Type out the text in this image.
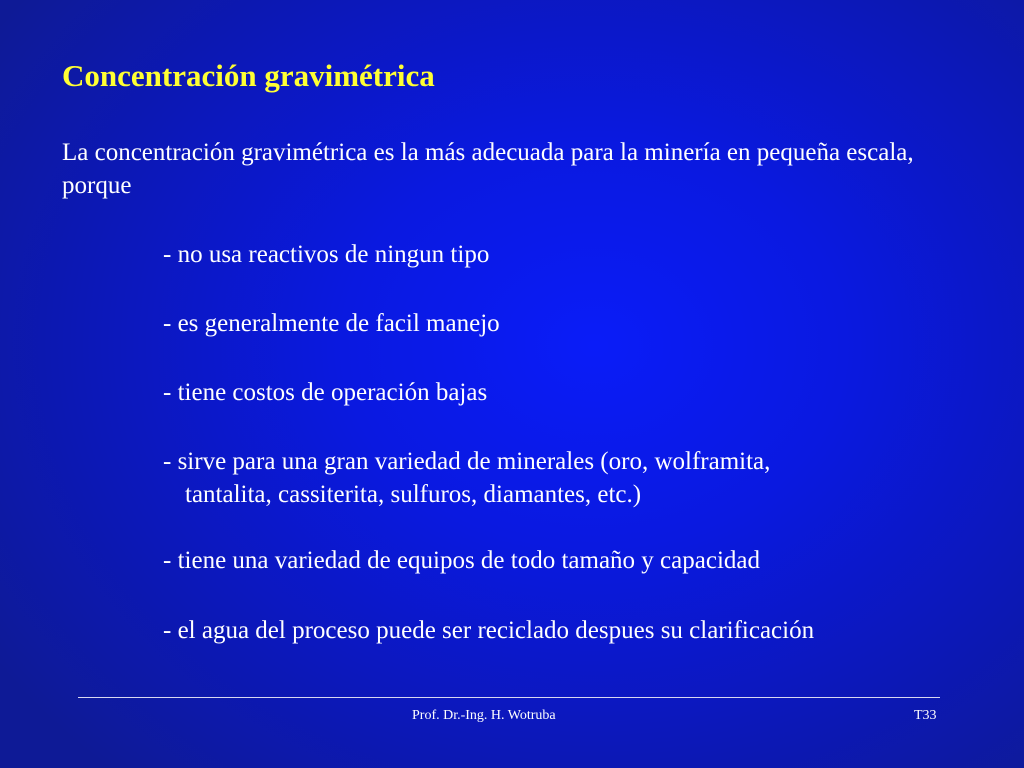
Concentración gravimétrica
La concentración gravimétrica es la más adecuada para la minería en pequeña escala, porque
- no usa reactivos de ningun tipo
- es generalmente de facil manejo
- tiene costos de operación bajas
- sirve para una gran variedad de minerales (oro, wolframita,
tantalita, cassiterita, sulfuros, diamantes, etc.)
- tiene una variedad de equipos de todo tamaño y capacidad
- el agua del proceso puede ser reciclado despues su clarificación
Prof. Dr.-Ing. H. Wotruba	T33
